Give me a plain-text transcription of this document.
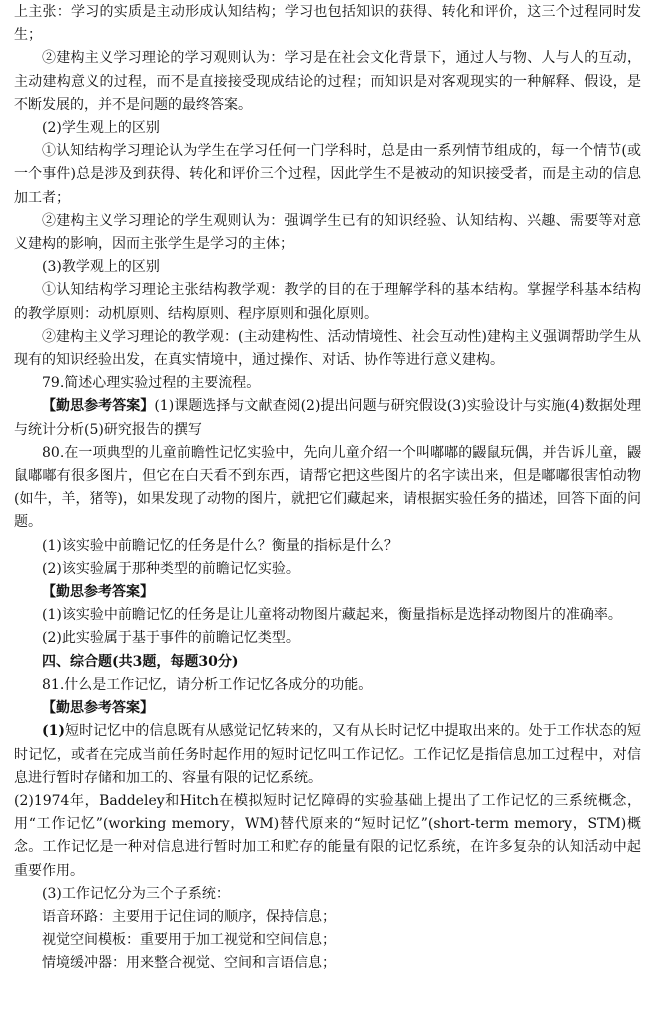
上主张：学习的实质是主动形成认知结构；学习也包括知识的获得、转化和评价，这三个过程同时发生；

②建构主义学习理论的学习观则认为：学习是在社会文化背景下，通过人与物、人与人的互动，主动建构意义的过程，而不是直接接受现成结论的过程；而知识是对客观现实的一种解释、假设，是不断发展的，并不是问题的最终答案。

(2)学生观上的区别

①认知结构学习理论认为学生在学习任何一门学科时，总是由一系列情节组成的，每一个情节(或一个事件)总是涉及到获得、转化和评价三个过程，因此学生不是被动的知识接受者，而是主动的信息加工者；

②建构主义学习理论的学生观则认为：强调学生已有的知识经验、认知结构、兴趣、需要等对意义建构的影响，因而主张学生是学习的主体；

(3)教学观上的区别

①认知结构学习理论主张结构教学观：教学的目的在于理解学科的基本结构。掌握学科基本结构的教学原则：动机原则、结构原则、程序原则和强化原则。

②建构主义学习理论的教学观：(主动建构性、活动情境性、社会互动性)建构主义强调帮助学生从现有的知识经验出发，在真实情境中，通过操作、对话、协作等进行意义建构。

79.简述心理实验过程的主要流程。

【勤思参考答案】(1)课题选择与文献查阅(2)提出问题与研究假设(3)实验设计与实施(4)数据处理与统计分析(5)研究报告的撰写

80.在一项典型的儿童前瞻性记忆实验中，先向儿童介绍一个叫嘟嘟的鼹鼠玩偶，并告诉儿童，鼹鼠嘟嘟有很多图片，但它在白天看不到东西，请帮它把这些图片的名字读出来，但是嘟嘟很害怕动物(如牛，羊，猪等)，如果发现了动物的图片，就把它们藏起来，请根据实验任务的描述，回答下面的问题。

(1)该实验中前瞻记忆的任务是什么？衡量的指标是什么？

(2)该实验属于那种类型的前瞻记忆实验。

【勤思参考答案】

(1)该实验中前瞻记忆的任务是让儿童将动物图片藏起来，衡量指标是选择动物图片的准确率。

(2)此实验属于基于事件的前瞻记忆类型。

四、综合题(共3题，每题30分)

81.什么是工作记忆，请分析工作记忆各成分的功能。

【勤思参考答案】

(1)短时记忆中的信息既有从感觉记忆转来的，又有从长时记忆中提取出来的。处于工作状态的短时记忆，或者在完成当前任务时起作用的短时记忆叫工作记忆。工作记忆是指信息加工过程中，对信息进行暂时存储和加工的、容量有限的记忆系统。

(2)1974年，Baddeley和Hitch在模拟短时记忆障碍的实验基础上提出了工作记忆的三系统概念，用“工作记忆”(working memory，WM)替代原来的“短时记忆”(short-term memory，STM)概念。工作记忆是一种对信息进行暂时加工和贮存的能量有限的记忆系统，在许多复杂的认知活动中起重要作用。

(3)工作记忆分为三个子系统：

语音环路：主要用于记住词的顺序，保持信息；

视觉空间模板：重要用于加工视觉和空间信息；

情境缓冲器：用来整合视觉、空间和言语信息；
